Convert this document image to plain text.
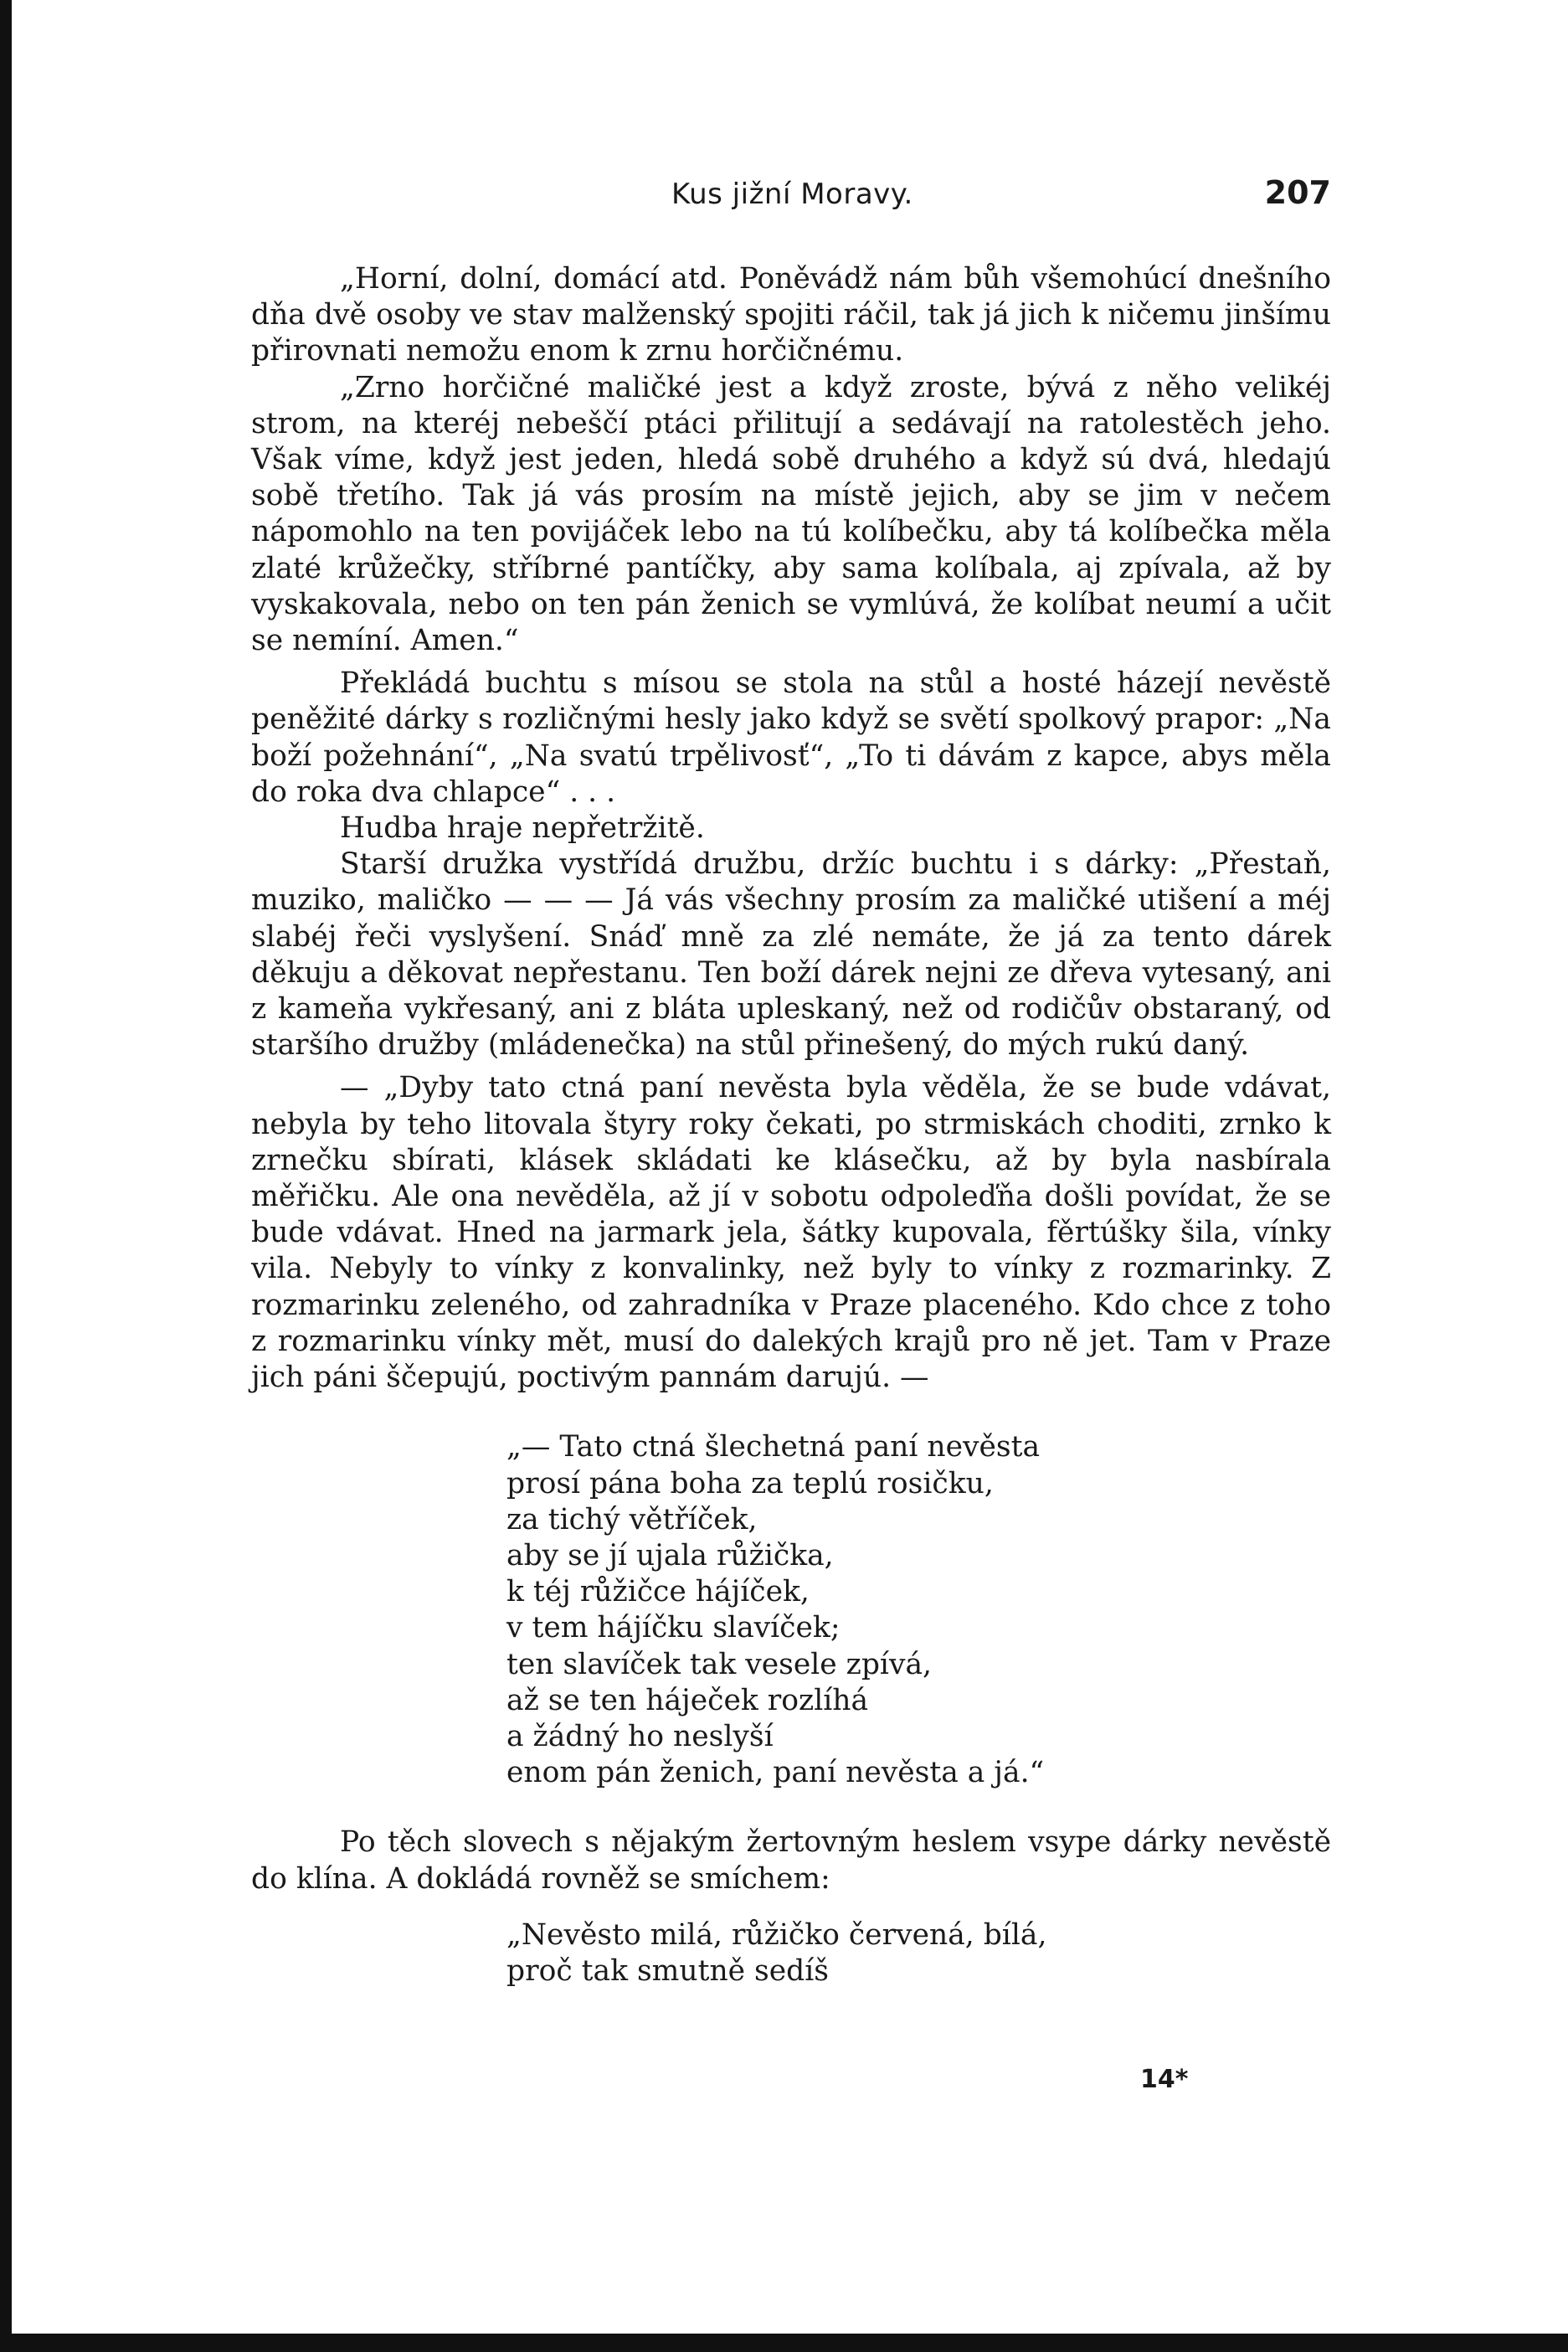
Kus jižní Moravy.	207

„Horní, dolní, domácí atd. Poněvádž nám bůh všemohúcí dnešního dňa dvě osoby ve stav malženský spojiti ráčil, tak já jich k ničemu jinšímu přirovnati nemožu enom k zrnu horčičnému.

„Zrno horčičné maličké jest a když zroste, bývá z něho velikéj strom, na kteréj nebeščí ptáci přilitují a sedávají na ratolestěch jeho. Však víme, když jest jeden, hledá sobě druhého a když sú dvá, hledajú sobě třetího. Tak já vás prosím na místě jejich, aby se jim v nečem nápomohlo na ten povijáček lebo na tú kolíbečku, aby tá kolíbečka měla zlaté krůžečky, stříbrné pantíčky, aby sama kolíbala, aj zpívala, až by vyskakovala, nebo on ten pán ženich se vymlúvá, že kolíbat neumí a učit se nemíní. Amen.“

Překládá buchtu s mísou se stola na stůl a hosté házejí nevěstě peněžité dárky s rozličnými hesly jako když se světí spolkový prapor: „Na boží požehnání“, „Na svatú trpělivosť“, „To ti dávám z kapce, abys měla do roka dva chlapce“ . . .

Hudba hraje nepřetržitě.

Starší družka vystřídá družbu, držíc buchtu i s dárky: „Přestaň, muziko, maličko — — — Já vás všechny prosím za maličké utišení a méj slabéj řeči vyslyšení. Snáď mně za zlé nemáte, že já za tento dárek děkuju a děkovat nepřestanu. Ten boží dárek nejni ze dřeva vytesaný, ani z kameňa vykřesaný, ani z bláta upleskaný, než od rodičův obstaraný, od staršího družby (mládenečka) na stůl přinešený, do mých rukú daný.

— „Dyby tato ctná paní nevěsta byla věděla, že se bude vdávat, nebyla by teho litovala štyry roky čekati, po strmiskách choditi, zrnko k zrnečku sbírati, klásek skládati ke klásečku, až by byla nasbírala měřičku. Ale ona nevěděla, až jí v sobotu odpoleďňa došli povídat, že se bude vdávat. Hned na jarmark jela, šátky kupovala, fěrtúšky šila, vínky vila. Nebyly to vínky z konvalinky, než byly to vínky z rozmarinky. Z rozmarinku zeleného, od zahradníka v Praze placeného. Kdo chce z toho z rozmarinku vínky mět, musí do dalekých krajů pro ně jet. Tam v Praze jich páni ščepujú, poctivým pannám darujú. —

„— Tato ctná šlechetná paní nevěsta
prosí pána boha za teplú rosičku,
za tichý větříček,
aby se jí ujala růžička,
k téj růžičce hájíček,
v tem hájíčku slavíček;
ten slavíček tak vesele zpívá,
až se ten háječek rozlíhá
a žádný ho neslyší
enom pán ženich, paní nevěsta a já.“

Po těch slovech s nějakým žertovným heslem vsype dárky nevěstě do klína. A dokládá rovněž se smíchem:

„Nevěsto milá, růžičko červená, bílá,
proč tak smutně sedíš
14*
